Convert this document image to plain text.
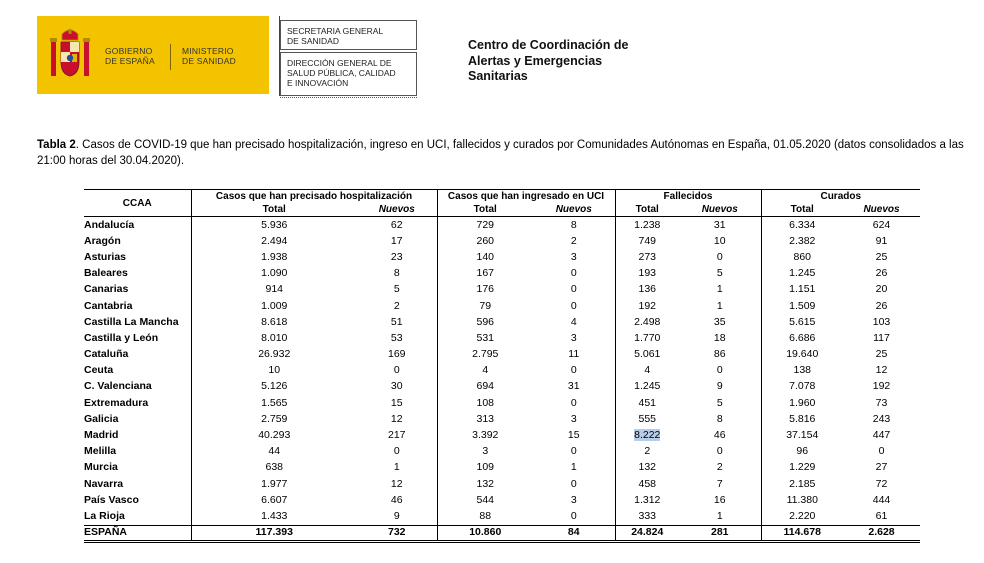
GOBIERNO
DE ESPAÑA
MINISTERIO
DE SANIDAD
SECRETARIA GENERAL
DE SANIDAD
DIRECCIÓN GENERAL DE
SALUD PÚBLICA, CALIDAD
E INNOVACIÓN
Centro de Coordinación de
Alertas y Emergencias
Sanitarias
Tabla 2. Casos de COVID-19 que han precisado hospitalización, ingreso en UCI, fallecidos y curados por Comunidades Autónomas en España, 01.05.2020 (datos consolidados a las 21:00 horas del 30.04.2020).
CCAA	Casos que han precisado hospitalización		Casos que han ingresado en UCI		Fallecidos		Curados	
	Total	Nuevos	Total	Nuevos	Total	Nuevos	Total	Nuevos
Andalucía	5.936	62	729	8	1.238	31	6.334	624
Aragón	2.494	17	260	2	749	10	2.382	91
Asturias	1.938	23	140	3	273	0	860	25
Baleares	1.090	8	167	0	193	5	1.245	26
Canarias	914	5	176	0	136	1	1.151	20
Cantabria	1.009	2	79	0	192	1	1.509	26
Castilla La Mancha	8.618	51	596	4	2.498	35	5.615	103
Castilla y León	8.010	53	531	3	1.770	18	6.686	117
Cataluña	26.932	169	2.795	11	5.061	86	19.640	25
Ceuta	10	0	4	0	4	0	138	12
C. Valenciana	5.126	30	694	31	1.245	9	7.078	192
Extremadura	1.565	15	108	0	451	5	1.960	73
Galicia	2.759	12	313	3	555	8	5.816	243
Madrid	40.293	217	3.392	15	8.222	46	37.154	447
Melilla	44	0	3	0	2	0	96	0
Murcia	638	1	109	1	132	2	1.229	27
Navarra	1.977	12	132	0	458	7	2.185	72
País Vasco	6.607	46	544	3	1.312	16	11.380	444
La Rioja	1.433	9	88	0	333	1	2.220	61
ESPAÑA	117.393	732	10.860	84	24.824	281	114.678	2.628
